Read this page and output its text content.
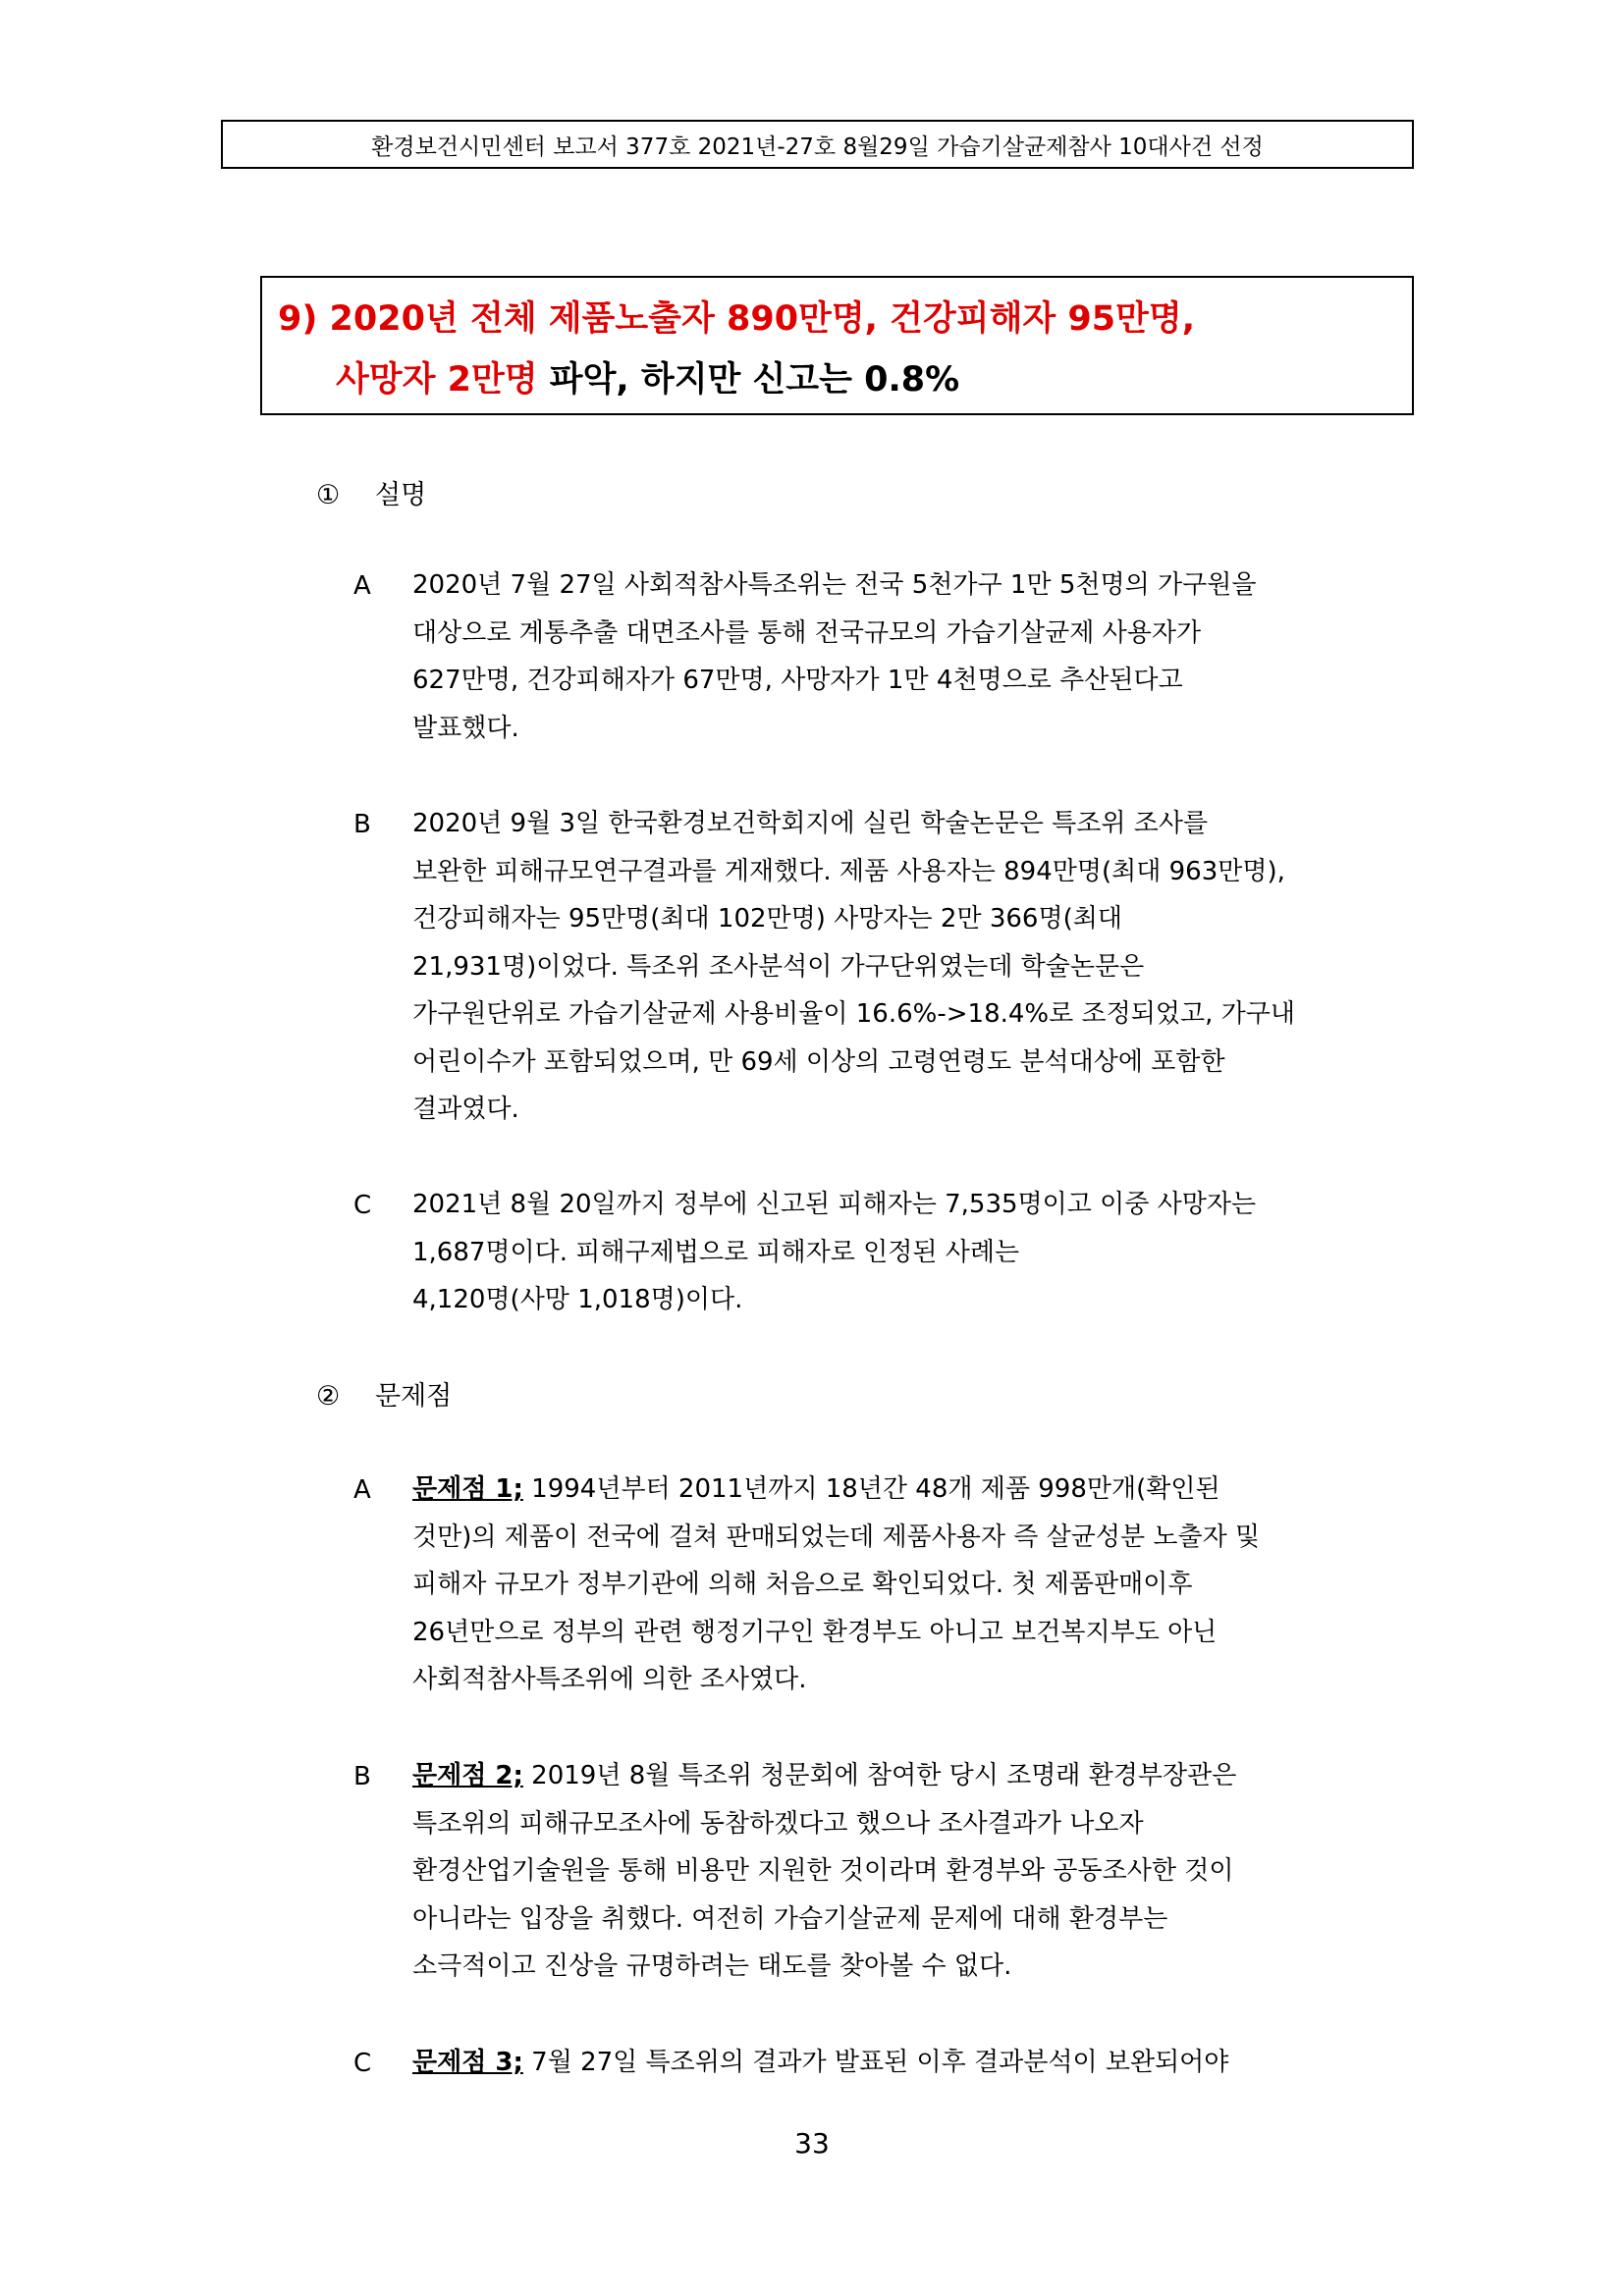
환경보건시민센터 보고서 377호 2021년-27호 8월29일 가습기살균제참사 10대사건 선정
9) 2020년 전체 제품노출자 890만명, 건강피해자 95만명,
사망자 2만명 파악, 하지만 신고는 0.8%
① 설명
A 2020년 7월 27일 사회적참사특조위는 전국 5천가구 1만 5천명의 가구원을
대상으로 계통추출 대면조사를 통해 전국규모의 가습기살균제 사용자가
627만명, 건강피해자가 67만명, 사망자가 1만 4천명으로 추산된다고
발표했다.
B 2020년 9월 3일 한국환경보건학회지에 실린 학술논문은 특조위 조사를
보완한 피해규모연구결과를 게재했다. 제품 사용자는 894만명(최대 963만명),
건강피해자는 95만명(최대 102만명) 사망자는 2만 366명(최대
21,931명)이었다. 특조위 조사분석이 가구단위였는데 학술논문은
가구원단위로 가습기살균제 사용비율이 16.6%->18.4%로 조정되었고, 가구내
어린이수가 포함되었으며, 만 69세 이상의 고령연령도 분석대상에 포함한
결과였다.
C 2021년 8월 20일까지 정부에 신고된 피해자는 7,535명이고 이중 사망자는
1,687명이다. 피해구제법으로 피해자로 인정된 사례는
4,120명(사망 1,018명)이다.
② 문제점
A 문제점 1; 1994년부터 2011년까지 18년간 48개 제품 998만개(확인된
것만)의 제품이 전국에 걸쳐 판매되었는데 제품사용자 즉 살균성분 노출자 및
피해자 규모가 정부기관에 의해 처음으로 확인되었다. 첫 제품판매이후
26년만으로 정부의 관련 행정기구인 환경부도 아니고 보건복지부도 아닌
사회적참사특조위에 의한 조사였다.
B 문제점 2; 2019년 8월 특조위 청문회에 참여한 당시 조명래 환경부장관은
특조위의 피해규모조사에 동참하겠다고 했으나 조사결과가 나오자
환경산업기술원을 통해 비용만 지원한 것이라며 환경부와 공동조사한 것이
아니라는 입장을 취했다. 여전히 가습기살균제 문제에 대해 환경부는
소극적이고 진상을 규명하려는 태도를 찾아볼 수 없다.
C 문제점 3; 7월 27일 특조위의 결과가 발표된 이후 결과분석이 보완되어야
33
